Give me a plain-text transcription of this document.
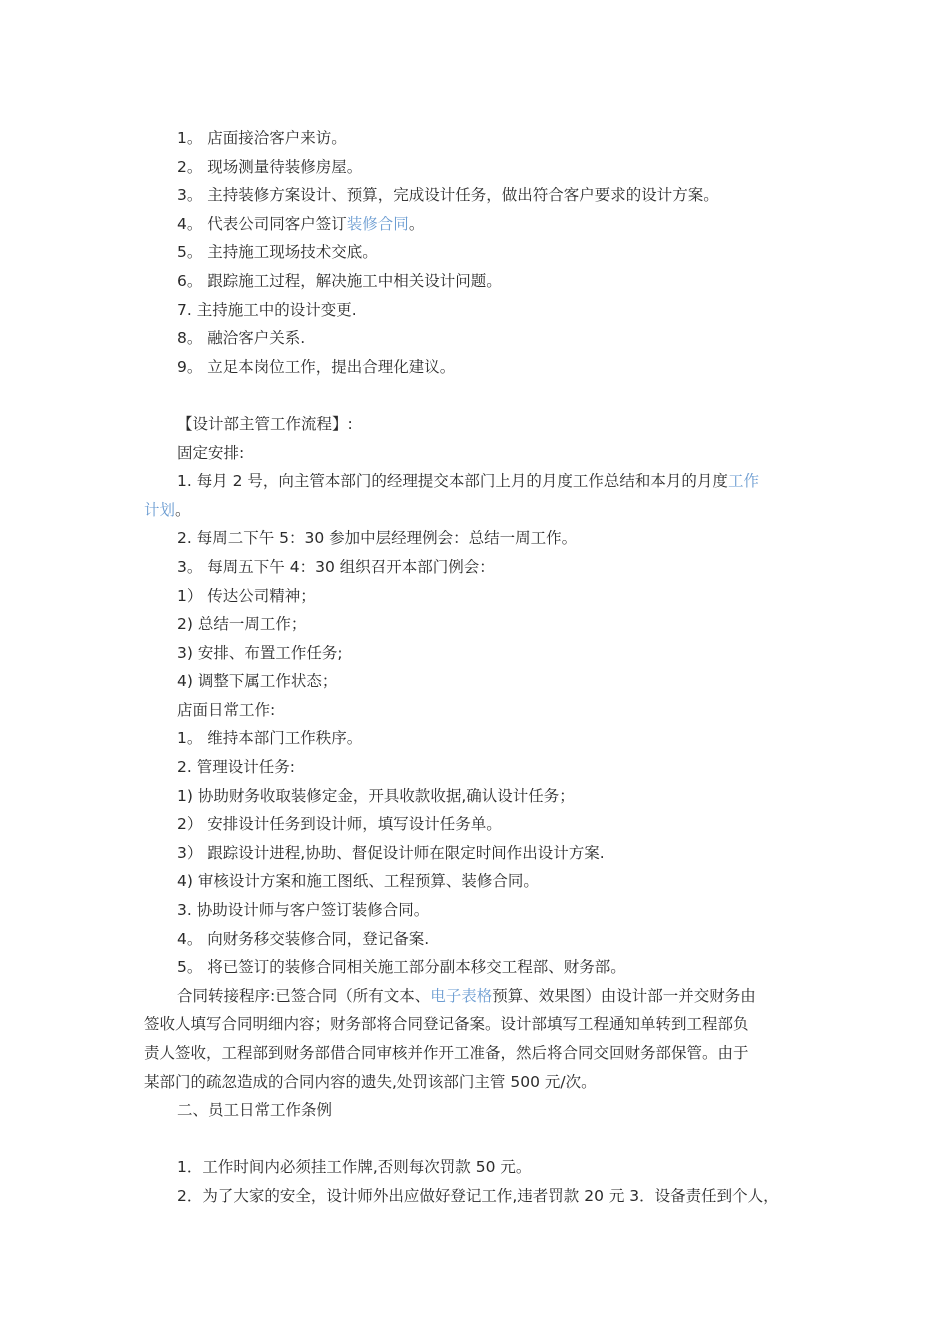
1。 店面接洽客户来访。
2。 现场测量待装修房屋。
3。 主持装修方案设计、预算，完成设计任务，做出符合客户要求的设计方案。
4。 代表公司同客户签订装修合同。
5。 主持施工现场技术交底。
6。 跟踪施工过程，解决施工中相关设计问题。
7. 主持施工中的设计变更.
8。 融洽客户关系.
9。 立足本岗位工作，提出合理化建议。
【设计部主管工作流程】:
固定安排:
1. 每月 2 号，向主管本部门的经理提交本部门上月的月度工作总结和本月的月度工作
计划。
2. 每周二下午 5：30 参加中层经理例会：总结一周工作。
3。 每周五下午 4：30 组织召开本部门例会：
1） 传达公司精神；
2) 总结一周工作；
3) 安排、布置工作任务;
4) 调整下属工作状态；
店面日常工作:
1。 维持本部门工作秩序。
2. 管理设计任务:
1) 协助财务收取装修定金，开具收款收据,确认设计任务；
2） 安排设计任务到设计师，填写设计任务单。
3） 跟踪设计进程,协助、督促设计师在限定时间作出设计方案.
4) 审核设计方案和施工图纸、工程预算、装修合同。
3. 协助设计师与客户签订装修合同。
4。 向财务移交装修合同，登记备案.
5。 将已签订的装修合同相关施工部分副本移交工程部、财务部。
合同转接程序:已签合同（所有文本、电子表格预算、效果图）由设计部一并交财务由
签收人填写合同明细内容；财务部将合同登记备案。设计部填写工程通知单转到工程部负
责人签收，工程部到财务部借合同审核并作开工准备，然后将合同交回财务部保管。由于
某部门的疏忽造成的合同内容的遗失,处罚该部门主管 500 元/次。
二、员工日常工作条例
1．工作时间内必须挂工作牌,否则每次罚款 50 元。
2．为了大家的安全，设计师外出应做好登记工作,违者罚款 20 元 3．设备责任到个人，
